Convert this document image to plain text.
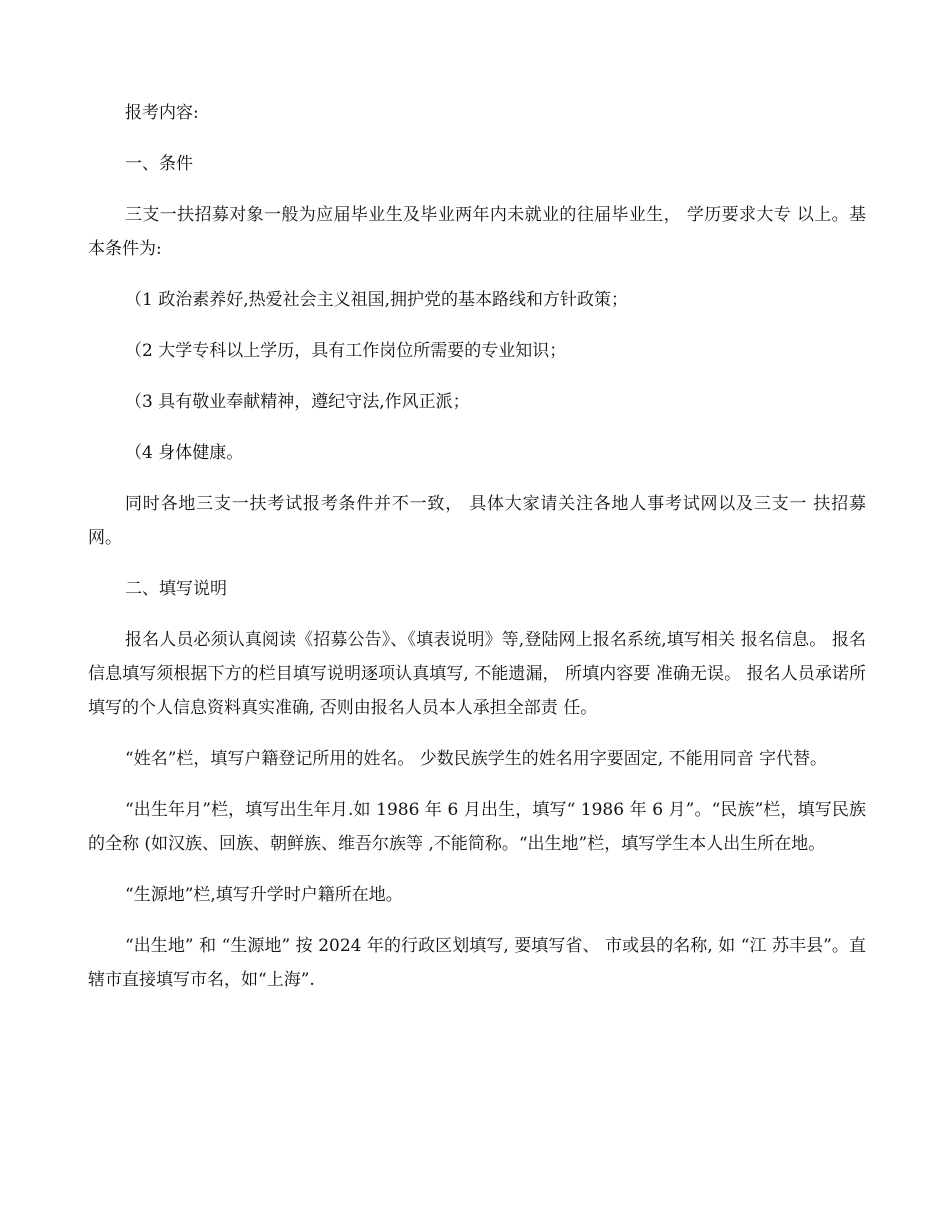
报考内容:

一、条件

三支一扶招募对象一般为应届毕业生及毕业两年内未就业的往届毕业生， 学历要求大专 以上。基本条件为:

（1 政治素养好,热爱社会主义祖国,拥护党的基本路线和方针政策；

（2 大学专科以上学历，具有工作岗位所需要的专业知识；

（3 具有敬业奉献精神，遵纪守法,作风正派；

（4 身体健康。

同时各地三支一扶考试报考条件并不一致， 具体大家请关注各地人事考试网以及三支一 扶招募网。

二、填写说明

报名人员必须认真阅读《招募公告》、《填表说明》等,登陆网上报名系统,填写相关 报名信息。 报名信息填写须根据下方的栏目填写说明逐项认真填写, 不能遗漏， 所填内容要 准确无误。 报名人员承诺所填写的个人信息资料真实准确, 否则由报名人员本人承担全部责 任。

“姓名”栏，填写户籍登记所用的姓名。 少数民族学生的姓名用字要固定, 不能用同音 字代替。

“出生年月”栏，填写出生年月.如 1986 年 6 月出生，填写“ 1986 年 6 月”。“民族”栏，填写民族的全称 (如汉族、回族、朝鲜族、维吾尔族等 ,不能简称。“出生地”栏，填写学生本人出生所在地。

“生源地”栏,填写升学时户籍所在地。

“出生地” 和 “生源地” 按 2024 年的行政区划填写, 要填写省、 市或县的名称, 如 “江 苏丰县”。直辖市直接填写市名，如“上海”.
